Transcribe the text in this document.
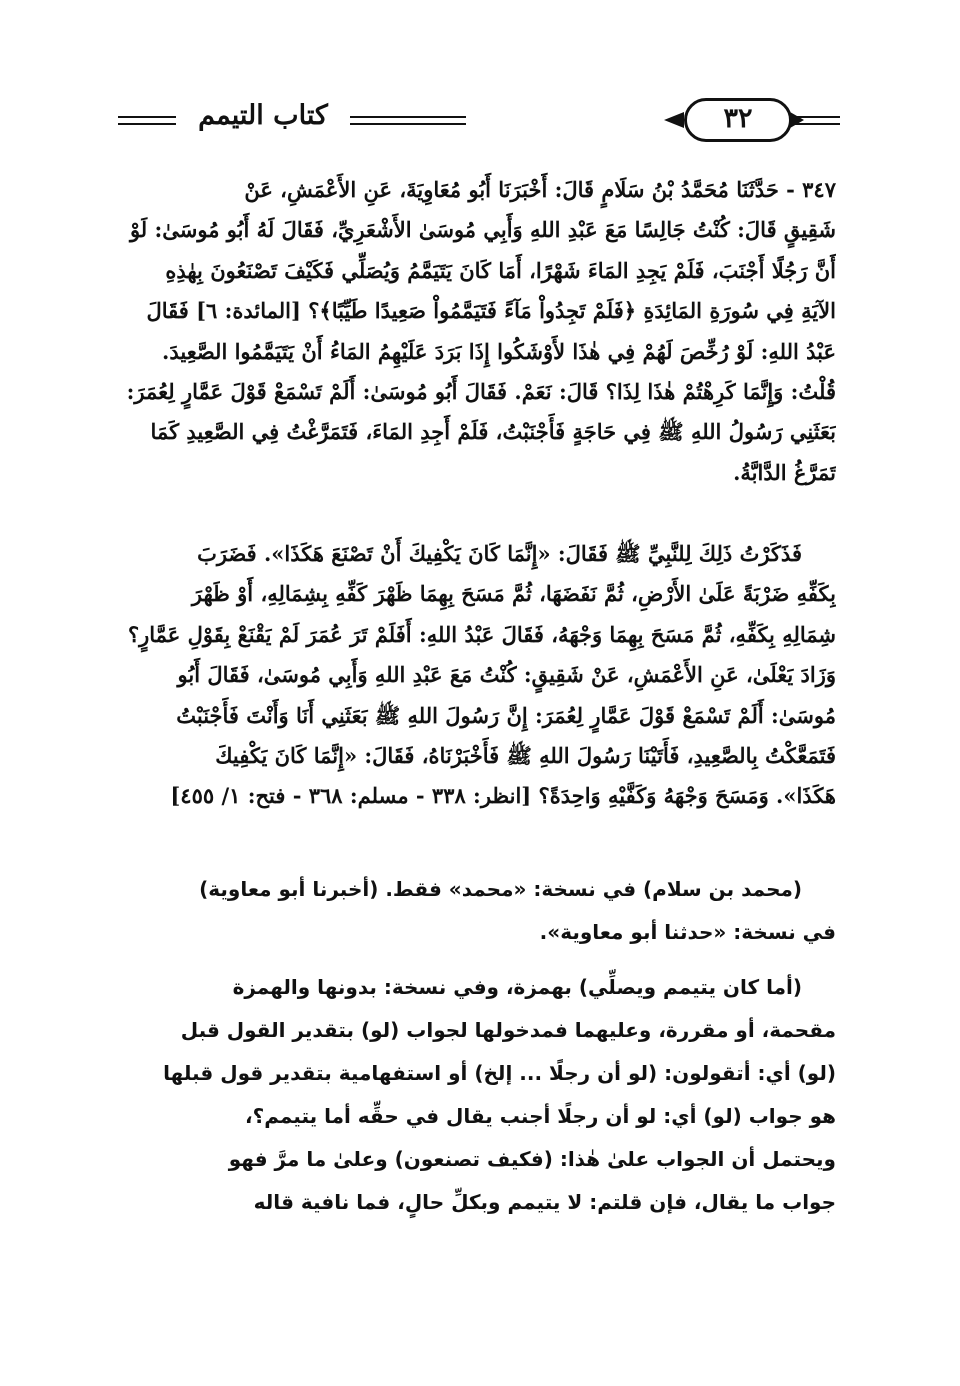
كتاب التيمم	٣٢
٣٤٧ - حَدَّثَنَا مُحَمَّدُ بْنُ سَلَامٍ قَالَ: أَخْبَرَنَا أَبُو مُعَاوِيَةَ، عَنِ الأَعْمَشِ، عَنْ
شَقِيقٍ قَالَ: كُنْتُ جَالِسًا مَعَ عَبْدِ اللهِ وَأَبِي مُوسَىٰ الأَشْعَرِيِّ، فَقَالَ لَهُ أَبُو مُوسَىٰ: لَوْ
أَنَّ رَجُلًا أَجْنَبَ، فَلَمْ يَجِدِ المَاءَ شَهْرًا، أَمَا كَانَ يَتَيَمَّمُ وَيُصَلِّي فَكَيْفَ تَصْنَعُونَ بِهٰذِهِ
الآيَةِ فِي سُورَةِ المَائِدَةِ ﴿فَلَمْ تَجِدُواْ مَآءً فَتَيَمَّمُواْ صَعِيدًا طَيِّبًا﴾؟ [المائدة: ٦] فَقَالَ
عَبْدُ اللهِ: لَوْ رُخِّصَ لَهُمْ فِي هٰذَا لأَوْشَكُوا إِذَا بَرَدَ عَلَيْهِمُ المَاءُ أَنْ يَتَيَمَّمُوا الصَّعِيدَ.
قُلْتُ: وَإِنَّمَا كَرِهْتُمْ هٰذَا لِذَا؟ قَالَ: نَعَمْ. فَقَالَ أَبُو مُوسَىٰ: أَلَمْ تَسْمَعْ قَوْلَ عَمَّارٍ لِعُمَرَ:
بَعَثَنِي رَسُولُ اللهِ ﷺ فِي حَاجَةٍ فَأَجْنَبْتُ، فَلَمْ أَجِدِ المَاءَ، فَتَمَرَّغْتُ فِي الصَّعِيدِ كَمَا
تَمَرَّغُ الدَّابَّةُ.
فَذَكَرْتُ ذَلِكَ لِلنَّبِيِّ ﷺ فَقَالَ: «إِنَّمَا كَانَ يَكْفِيكَ أَنْ تَصْنَعَ هَكَذَا». فَضَرَبَ
بِكَفِّهِ ضَرْبَةً عَلَىٰ الأَرْضِ، ثُمَّ نَفَضَهَا، ثُمَّ مَسَحَ بِهِمَا ظَهْرَ كَفِّهِ بِشِمَالِهِ، أَوْ ظَهْرَ
شِمَالِهِ بِكَفِّهِ، ثُمَّ مَسَحَ بِهِمَا وَجْهَهُ، فَقَالَ عَبْدُ اللهِ: أَفَلَمْ تَرَ عُمَرَ لَمْ يَقْنَعْ بِقَوْلِ عَمَّارٍ؟
وَزَادَ يَعْلَىٰ، عَنِ الأَعْمَشِ، عَنْ شَقِيقٍ: كُنْتُ مَعَ عَبْدِ اللهِ وَأَبِي مُوسَىٰ، فَقَالَ أَبُو
مُوسَىٰ: أَلَمْ تَسْمَعْ قَوْلَ عَمَّارٍ لِعُمَرَ: إِنَّ رَسُولَ اللهِ ﷺ بَعَثَنِي أَنَا وَأَنْتَ فَأَجْنَبْتُ
فَتَمَعَّكْتُ بِالصَّعِيدِ، فَأَتَيْنَا رَسُولَ اللهِ ﷺ فَأَخْبَرْنَاهُ، فَقَالَ: «إِنَّمَا كَانَ يَكْفِيكَ
هَكَذَا». وَمَسَحَ وَجْهَهُ وَكَفَّيْهِ وَاحِدَةً؟ [انظر: ٣٣٨ - مسلم: ٣٦٨ - فتح: ١/ ٤٥٥]
(محمد بن سلام) في نسخة: «محمد» فقط. (أخبرنا أبو معاوية)
في نسخة: «حدثنا أبو معاوية».
(أما كان يتيمم ويصلِّي) بهمزة، وفي نسخة: بدونها والهمزة
مقحمة، أو مقررة، وعليهما فمدخولها لجواب (لو) بتقدير القول قبل
(لو) أي: أتقولون: (لو أن رجلًا ... إلخ) أو استفهامية بتقدير قول قبلها
هو جواب (لو) أي: لو أن رجلًا أجنب يقال في حقِّه أما يتيمم؟،
ويحتمل أن الجواب علىٰ هٰذا: (فكيف تصنعون) وعلىٰ ما مرَّ فهو
جواب ما يقال، فإن قلتم: لا يتيمم وبكلِّ حالٍ، فما نافية قاله
